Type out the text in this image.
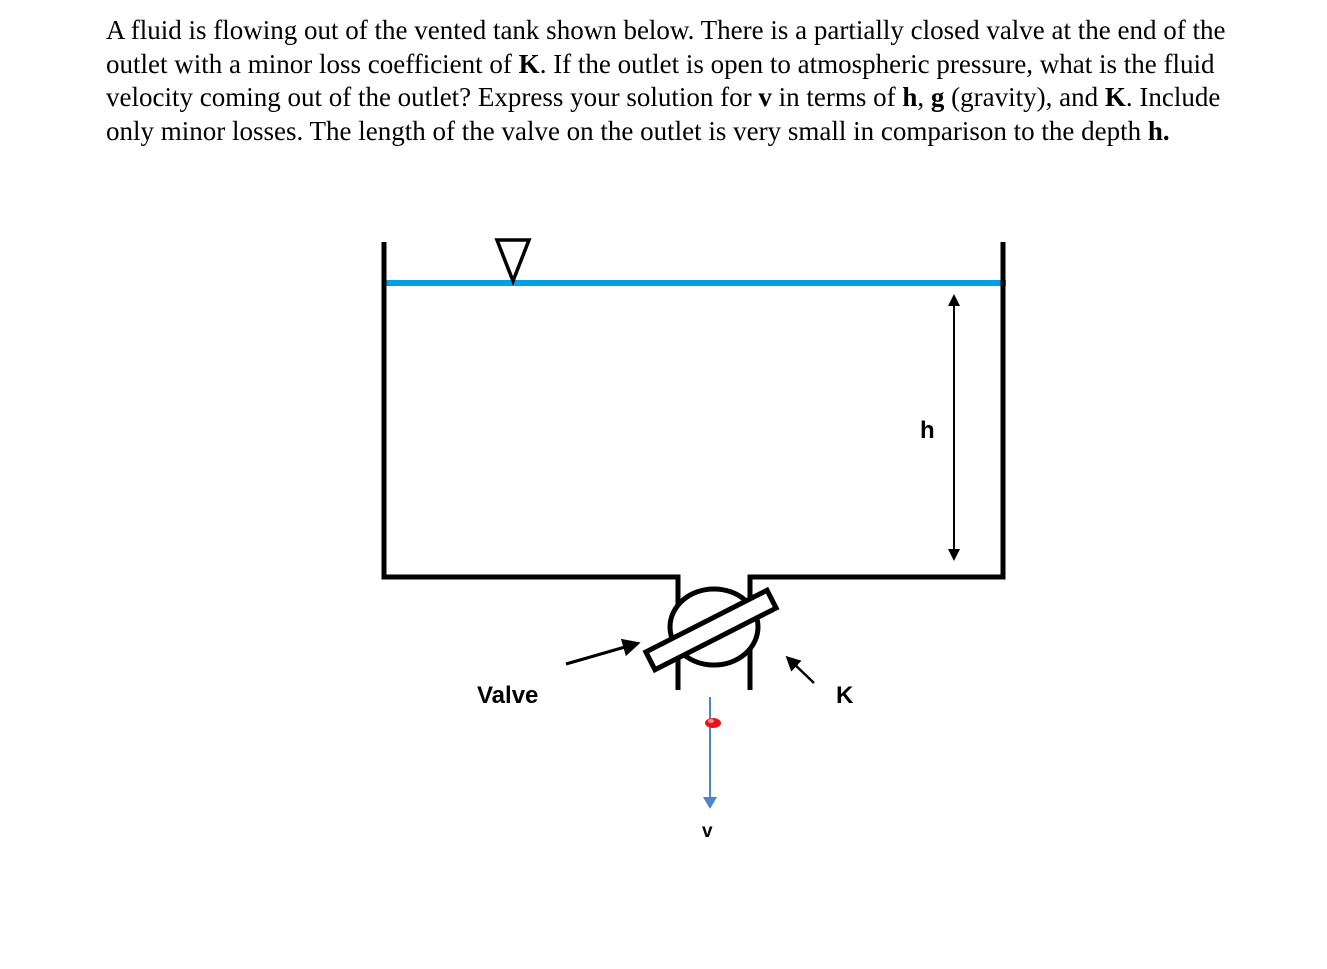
A fluid is flowing out of the vented tank shown below. There is a partially closed valve at the end of the outlet with a minor loss coefficient of K. If the outlet is open to atmospheric pressure, what is the fluid velocity coming out of the outlet? Express your solution for v in terms of h, g (gravity), and K. Include only minor losses. The length of the valve on the outlet is very small in comparison to the depth h.
h
Valve	K
v
